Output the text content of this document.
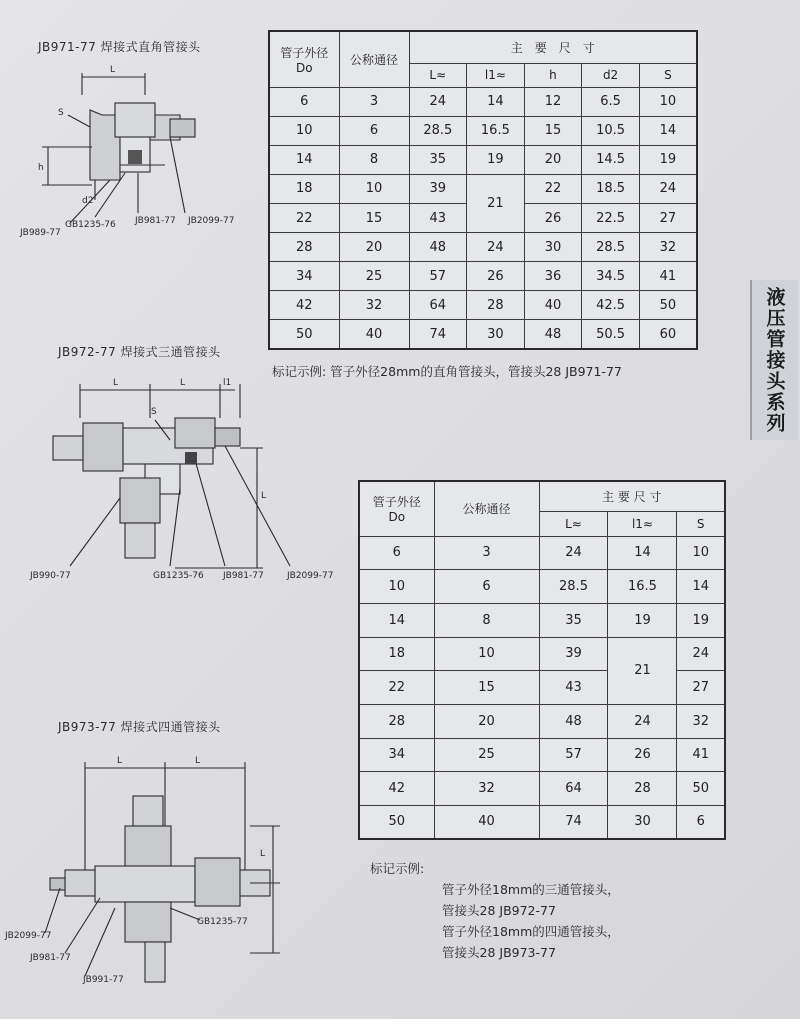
液压管接头系列
JB971-77 焊接式直角管接头
JB972-77 焊接式三通管接头
JB973-77 焊接式四通管接头
L
S
h
d2
JB989-77
GB1235-76 JB981-77 JB2099-77
管子外径
Do	公称通径	主　要　尺　寸				
		L≈	l1≈	h	d2	S
6	3	24	14	12	6.5	10
10	6	28.5	16.5	15	10.5	14
14	8	35	19	20	14.5	19
18	10	39	21	22	18.5	24
22	15	43		26	22.5	27
28	20	48	24	30	28.5	32
34	25	57	26	36	34.5	41
42	32	64	28	40	42.5	50
50	40	74	30	48	50.5	60
标记示例: 管子外径28mm的直角管接头，管接头28 JB971-77
L	L	l1
S
L
JB990-77	GB1235-76 JB981-77	JB2099-77
管子外径
Do	公称通径	主 要 尺 寸		
		L≈	l1≈	S
6	3	24	14	10
10	6	28.5	16.5	14
14	8	35	19	19
18	10	39	21	24
22	15	43		27
28	20	48	24	32
34	25	57	26	41
42	32	64	28	50
50	40	74	30	6
L	L
L
JB2099-77
JB981-77
JB991-77
GB1235-77
标记示例:
管子外径18mm的三通管接头，
管接头28 JB972-77
管子外径18mm的四通管接头，
管接头28 JB973-77
